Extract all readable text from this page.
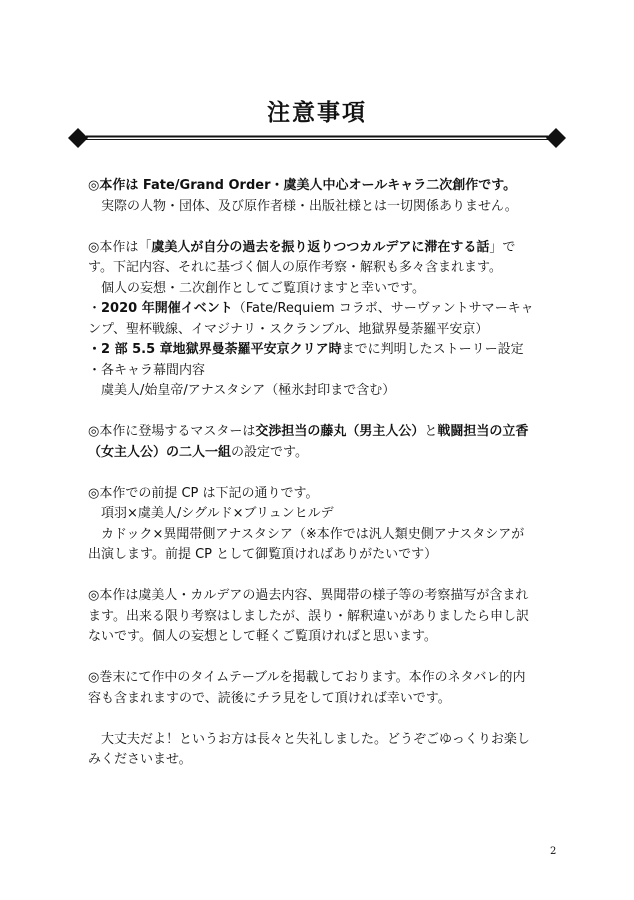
注意事項
◎本作は Fate/Grand Order・虞美人中心オールキャラ二次創作です。
実際の人物・団体、及び原作者様・出版社様とは一切関係ありません。
◎本作は「虞美人が自分の過去を振り返りつつカルデアに滞在する話」で
す。下記内容、それに基づく個人の原作考察・解釈も多々含まれます。
個人の妄想・二次創作としてご覧頂けますと幸いです。
・2020 年開催イベント（Fate/Requiem コラボ、サーヴァントサマーキャ
ンプ、聖杯戦線、イマジナリ・スクランブル、地獄界曼荼羅平安京）
・2 部 5.5 章地獄界曼荼羅平安京クリア時までに判明したストーリー設定
・各キャラ幕間内容
虞美人/始皇帝/アナスタシア（極氷封印まで含む）
◎本作に登場するマスターは交渉担当の藤丸（男主人公）と戦闘担当の立香
（女主人公）の二人一組の設定です。
◎本作での前提 CP は下記の通りです。
項羽×虞美人/シグルド×ブリュンヒルデ
カドック×異聞帯側アナスタシア（※本作では汎人類史側アナスタシアが
出演します。前提 CP として御覧頂ければありがたいです）
◎本作は虞美人・カルデアの過去内容、異聞帯の様子等の考察描写が含まれ
ます。出来る限り考察はしましたが、誤り・解釈違いがありましたら申し訳
ないです。個人の妄想として軽くご覧頂ければと思います。
◎巻末にて作中のタイムテーブルを掲載しております。本作のネタバレ的内
容も含まれますので、読後にチラ見をして頂ければ幸いです。
大丈夫だよ！というお方は長々と失礼しました。どうぞごゆっくりお楽し
みくださいませ。
2
